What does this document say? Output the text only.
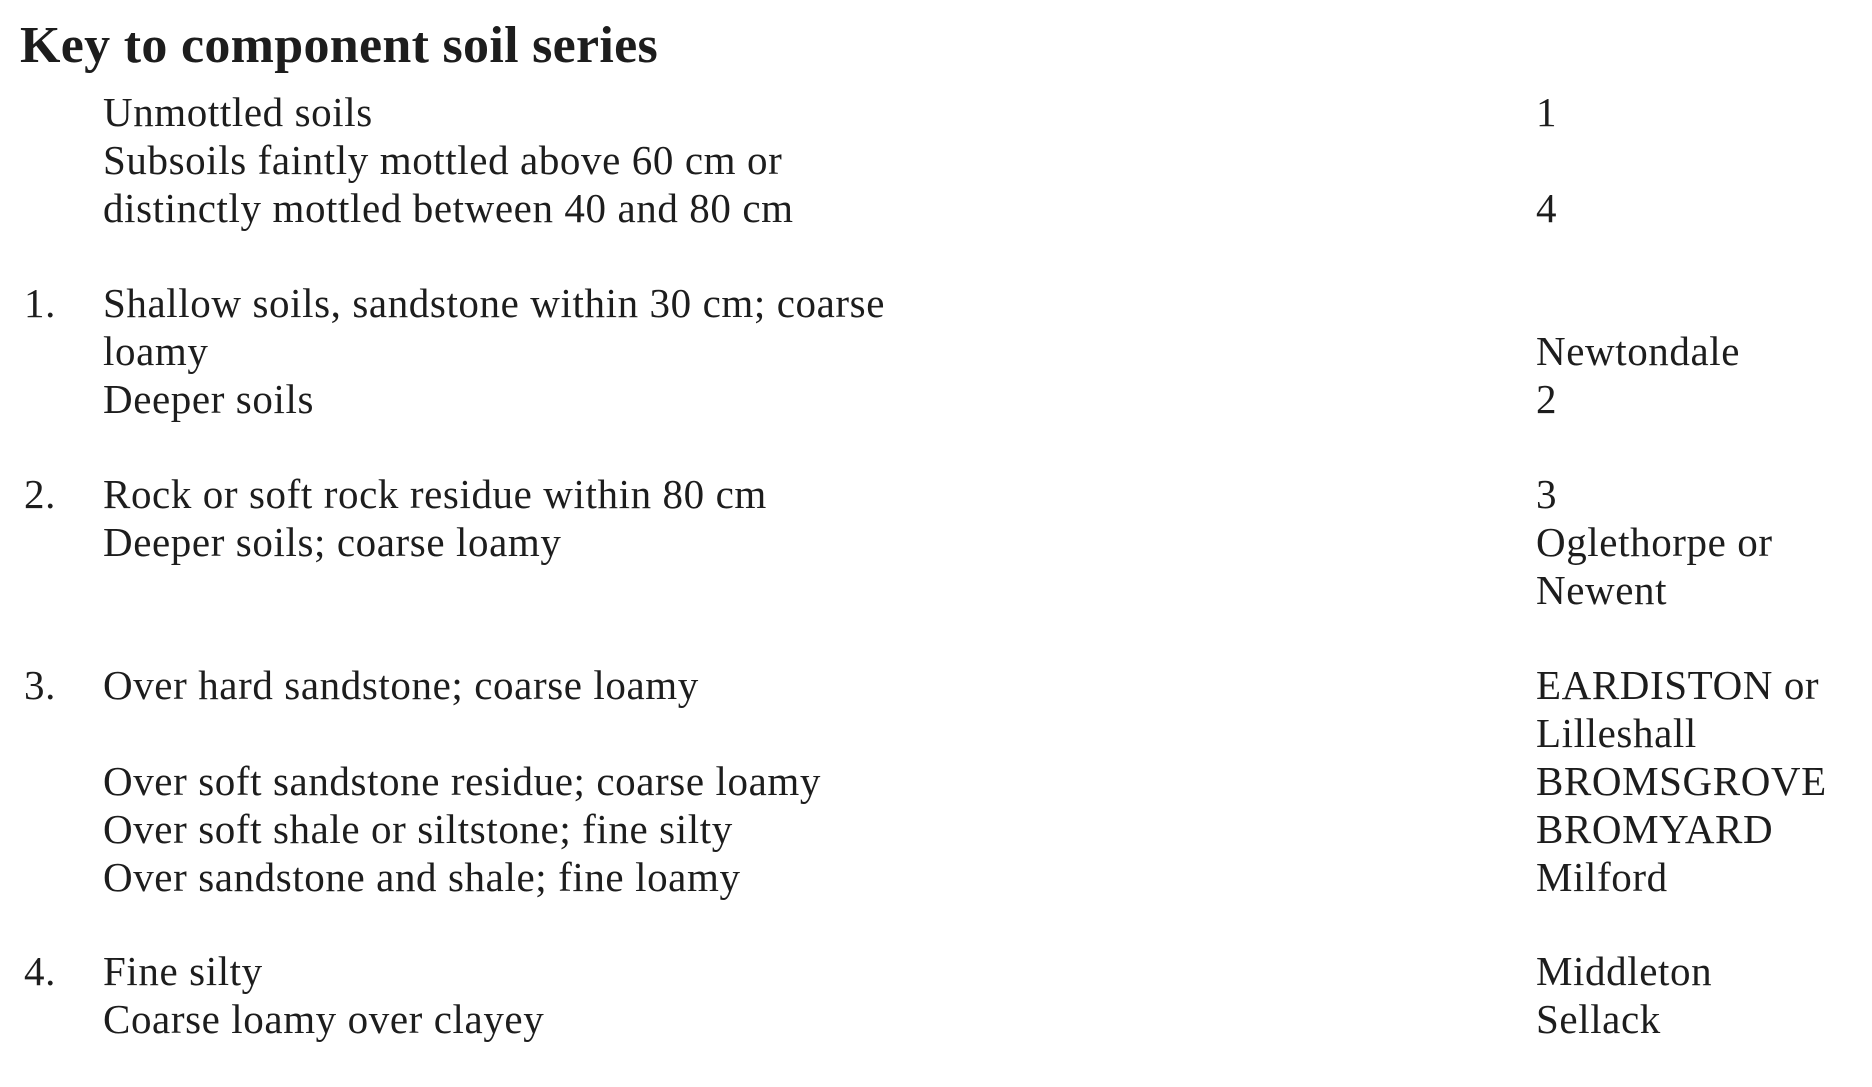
Key to component soil series
Unmottled soils	1
Subsoils faintly mottled above 60 cm or
distinctly mottled between 40 and 80 cm	4
1. Shallow soils, sandstone within 30 cm; coarse
loamy	Newtondale
Deeper soils	2
2. Rock or soft rock residue within 80 cm	3
Deeper soils; coarse loamy	Oglethorpe or
Newent
3. Over hard sandstone; coarse loamy	EARDISTON or
Lilleshall
Over soft sandstone residue; coarse loamy	BROMSGROVE
Over soft shale or siltstone; fine silty	BROMYARD
Over sandstone and shale; fine loamy	Milford
4. Fine silty	Middleton
Coarse loamy over clayey	Sellack
